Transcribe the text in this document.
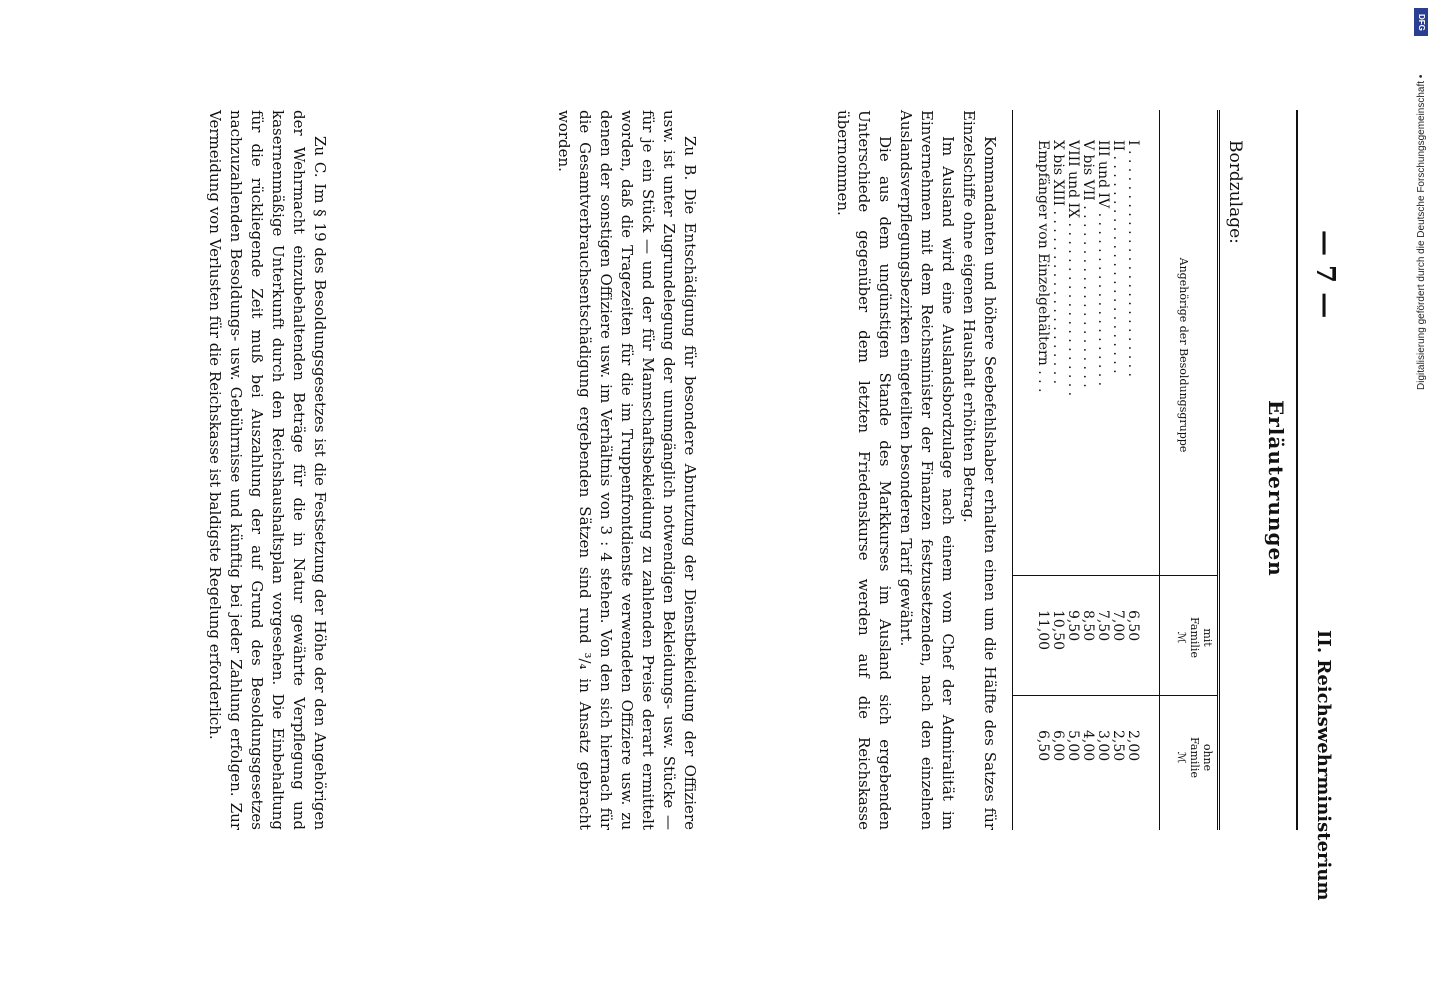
— 7 —
II. Reichswehrministerium
Erläuterungen
Bordzulage:
Angehörige der Besoldungsgruppe
mit
Familie
ℳ
ohne
Familie
ℳ
I . . . . . . . . . . . . . . . . . . . . . . . . . .
6,50
2,00
II . . . . . . . . . . . . . . . . . . . . . . . . .
7,00
2,50
III und IV . . . . . . . . . . . . . . . . . . . .
7,50
3,00
V bis VII . . . . . . . . . . . . . . . . . . . . .
8,50
4,00
VIII und IX . . . . . . . . . . . . . . . . . . . .
9,50
5,00
X bis XIII . . . . . . . . . . . . . . . . . . . .
10,50
6,00
Empfänger von Einzelgehältern . . .
11,00
6,50

Kommandanten und höhere Seebefehlshaber erhalten einen um die Hälfte des Satzes für Einzelschiffe ohne eigenen Haushalt erhöhten Betrag.

Im Ausland wird eine Auslandsbordzulage nach einem vom Chef der Admiralität im Einvernehmen mit dem Reichsminister der Finanzen festzusetzenden, nach den einzelnen Auslandsverpflegungsbezirken eingeteilten besonderen Tarif gewährt.

Die aus dem ungünstigen Stande des Markkurses im Ausland sich ergebenden Unterschiede gegenüber dem letzten Friedenskurse werden auf die Reichskasse übernommen.

Zu B. Die Entschädigung für besondere Abnutzung der Dienstbekleidung der Offiziere usw. ist unter Zugrundelegung der unumgänglich notwendigen Bekleidungs- usw. Stücke — für je ein Stück — und der für Mannschaftsbekleidung zu zahlenden Preise derart ermittelt worden, daß die Tragezeiten für die im Truppenfrontdienste verwendeten Offiziere usw. zu denen der sonstigen Offiziere usw. im Verhältnis von 3 : 4 stehen. Von den sich hiernach für die Gesamtverbrauchsentschädigung ergebenden Sätzen sind rund ³/₄ in Ansatz gebracht worden.

Zu C. Im § 19 des Besoldungsgesetzes ist die Festsetzung der Höhe der den Angehörigen der Wehrmacht einzubehaltenden Beträge für die in Natur gewährte Verpflegung und kasernenmäßige Unterkunft durch den Reichshaushaltsplan vorgesehen. Die Einbehaltung für die rückliegende Zeit muß bei Auszahlung der auf Grund des Besoldungsgesetzes nachzuzahlenden Besoldungs- usw. Gebührnisse und künftig bei jeder Zahlung erfolgen. Zur Vermeidung von Verlusten für die Reichskasse ist baldigste Regelung erforderlich.

DFG
Digitalisierung gefördert durch die Deutsche Forschungsgemeinschaft •
